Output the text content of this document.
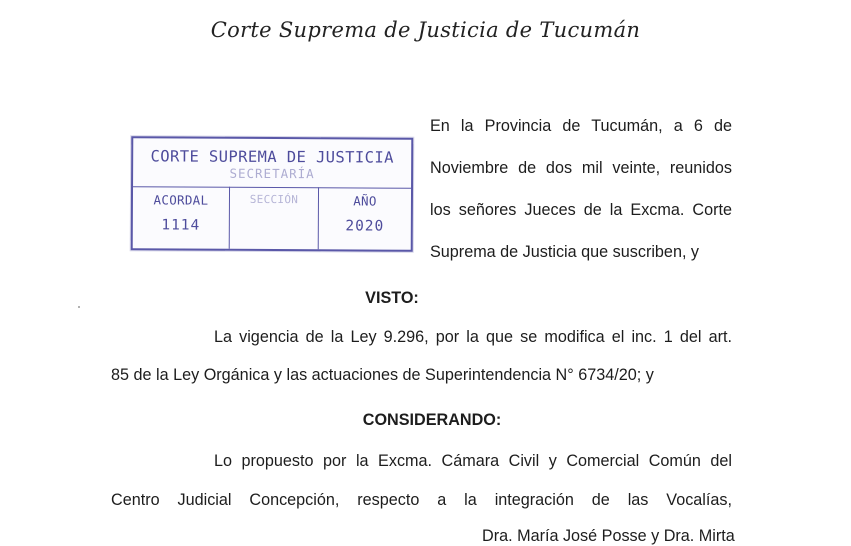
Corte Suprema de Justicia de Tucumán
CORTE SUPREMA DE JUSTICIA
SECRETARÍA
ACORDAL
1114
SECCIÓN	AÑO
2020
En la Provincia de Tucumán, a 6 de
Noviembre de dos mil veinte, reunidos
los señores Jueces de la Excma. Corte
Suprema de Justicia que suscriben, y
VISTO:
La vigencia de la Ley 9.296, por la que se modifica el inc. 1 del art.
85 de la Ley Orgánica y las actuaciones de Superintendencia N° 6734/20; y
CONSIDERANDO:
Lo propuesto por la Excma. Cámara Civil y Comercial Común del
Centro Judicial Concepción, respecto a la integración de las Vocalías,
Dra. María José Posse y Dra. Mirta
